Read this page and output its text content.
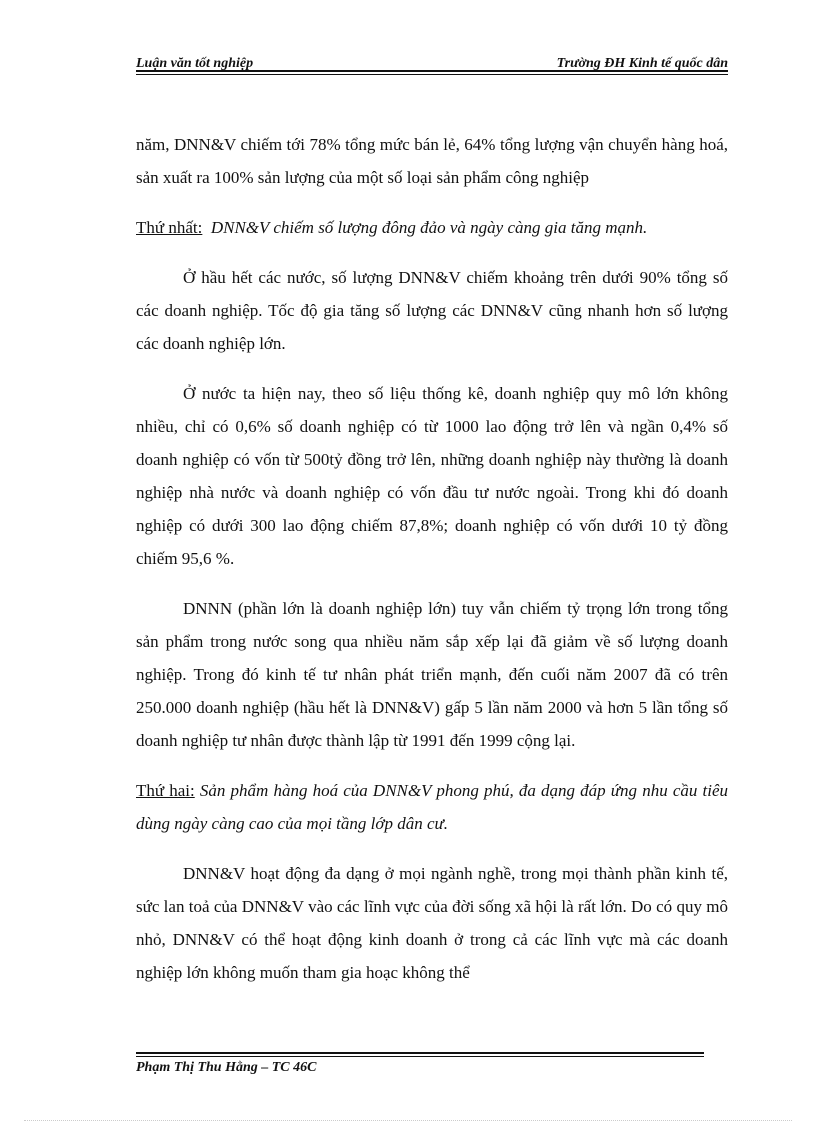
Luận văn tốt nghiệp	Trường ĐH Kinh tế quốc dân

năm, DNN&V chiếm tới 78% tổng mức bán lẻ, 64% tổng lượng vận chuyển hàng hoá, sản xuất ra 100% sản lượng của một số loại sản phẩm công nghiệp

Thứ nhất: DNN&V chiếm số lượng đông đảo và ngày càng gia tăng mạnh.

Ở hầu hết các nước, số lượng DNN&V chiếm khoảng trên dưới 90% tổng số các doanh nghiệp. Tốc độ gia tăng số lượng các DNN&V cũng nhanh hơn số lượng các doanh nghiệp lớn.

Ở nước ta hiện nay, theo số liệu thống kê, doanh nghiệp quy mô lớn không nhiều, chỉ có 0,6% số doanh nghiệp có từ 1000 lao động trở lên và ngần 0,4% số doanh nghiệp có vốn từ 500tỷ đồng trở lên, những doanh nghiệp này thường là doanh nghiệp nhà nước và doanh nghiệp có vốn đầu tư nước ngoài. Trong khi đó doanh nghiệp có dưới 300 lao động chiếm 87,8%; doanh nghiệp có vốn dưới 10 tỷ đồng chiếm 95,6 %.

DNNN (phần lớn là doanh nghiệp lớn) tuy vẫn chiếm tỷ trọng lớn trong tổng sản phẩm trong nước song qua nhiều năm sắp xếp lại đã giảm về số lượng doanh nghiệp. Trong đó kinh tế tư nhân phát triển mạnh, đến cuối năm 2007 đã có trên 250.000 doanh nghiệp (hầu hết là DNN&V) gấp 5 lần năm 2000 và hơn 5 lần tổng số doanh nghiệp tư nhân được thành lập từ 1991 đến 1999 cộng lại.

Thứ hai: Sản phẩm hàng hoá của DNN&V phong phú, đa dạng đáp ứng nhu cầu tiêu dùng ngày càng cao của mọi tầng lớp dân cư.

DNN&V hoạt động đa dạng ở mọi ngành nghề, trong mọi thành phần kinh tế, sức lan toả của DNN&V vào các lĩnh vực của đời sống xã hội là rất lớn. Do có quy mô nhỏ, DNN&V có thể hoạt động kinh doanh ở trong cả các lĩnh vực mà các doanh nghiệp lớn không muốn tham gia hoạc không thể

Phạm Thị Thu Hằng – TC 46C
